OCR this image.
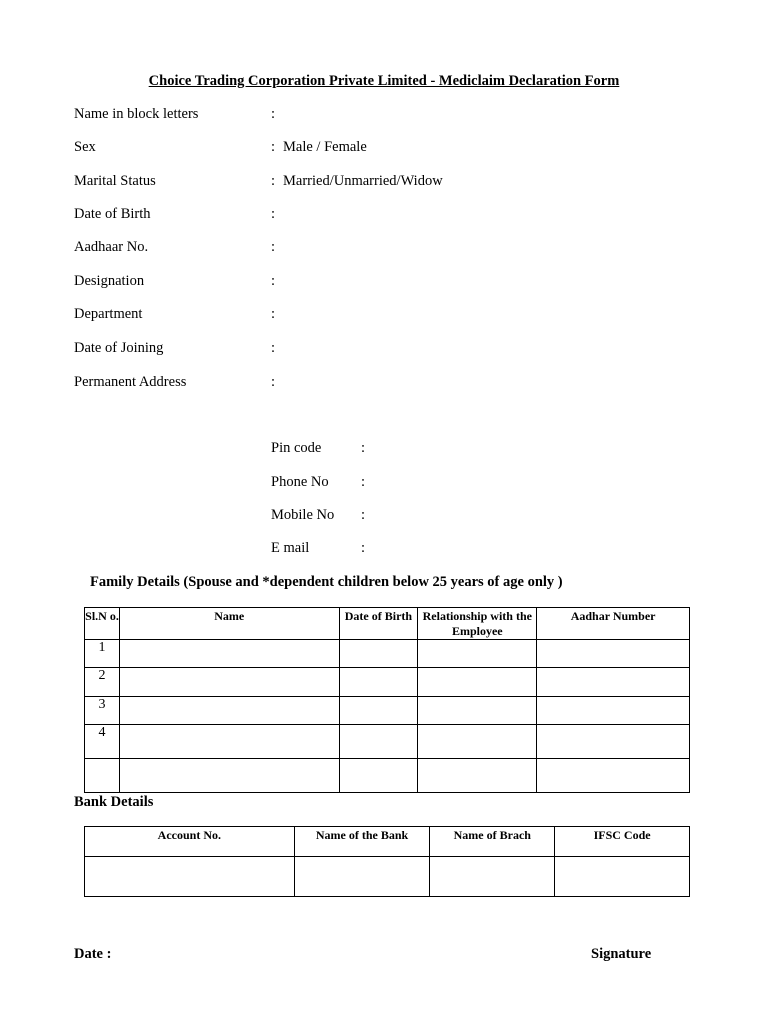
Choice Trading Corporation Private Limited - Mediclaim Declaration Form
Name in block letters	:
Sex	: Male / Female
Marital Status	: Married/Unmarried/Widow
Date of Birth	:
Aadhaar No.	:
Designation	:
Department	:
Date of Joining	:
Permanent Address	:
Pin code	:
Phone No :
Mobile No :
E mail	:
Family Details (Spouse and *dependent children below 25 years of age only )
Sl.N o.	Name	Date of Birth	Relationship with the Employee	Aadhar Number
1				
2				
3				
4				

Bank Details
Account No.	Name of the Bank	Name of Brach	IFSC Code

Date :	Signature
